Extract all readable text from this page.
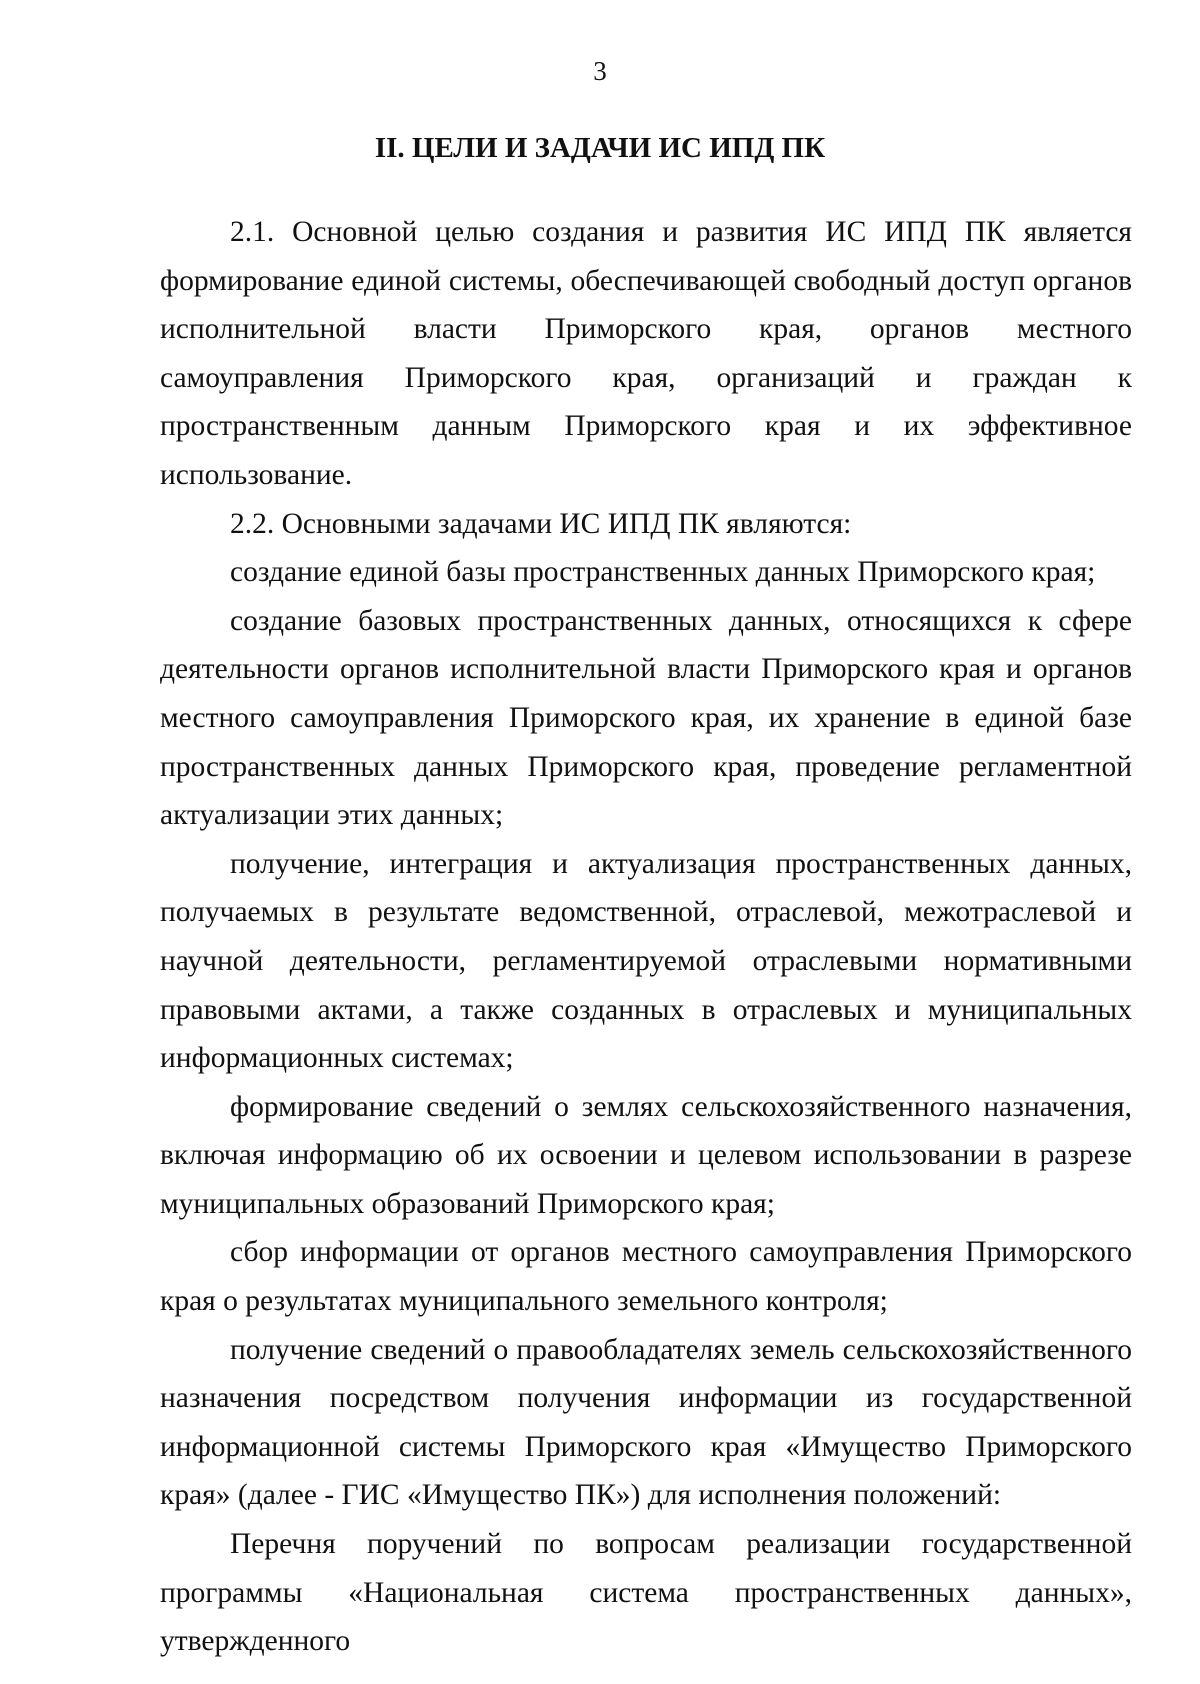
3
II. ЦЕЛИ И ЗАДАЧИ ИС ИПД ПК

2.1. Основной целью создания и развития ИС ИПД ПК является формирование единой системы, обеспечивающей свободный доступ органов исполнительной власти Приморского края, органов местного самоуправления Приморского края, организаций и граждан к пространственным данным Приморского края и их эффективное использование.

2.2. Основными задачами ИС ИПД ПК являются:

создание единой базы пространственных данных Приморского края;

создание базовых пространственных данных, относящихся к сфере деятельности органов исполнительной власти Приморского края и органов местного самоуправления Приморского края, их хранение в единой базе пространственных данных Приморского края, проведение регламентной актуализации этих данных;

получение, интеграция и актуализация пространственных данных, получаемых в результате ведомственной, отраслевой, межотраслевой и научной деятельности, регламентируемой отраслевыми нормативными правовыми актами, а также созданных в отраслевых и муниципальных информационных системах;

формирование сведений о землях сельскохозяйственного назначения, включая информацию об их освоении и целевом использовании в разрезе муниципальных образований Приморского края;

сбор информации от органов местного самоуправления Приморского края о результатах муниципального земельного контроля;

получение сведений о правообладателях земель сельскохозяйственного назначения посредством получения информации из государственной информационной системы Приморского края «Имущество Приморского края» (далее - ГИС «Имущество ПК») для исполнения положений:

Перечня поручений по вопросам реализации государственной программы «Национальная система пространственных данных», утвержденного
